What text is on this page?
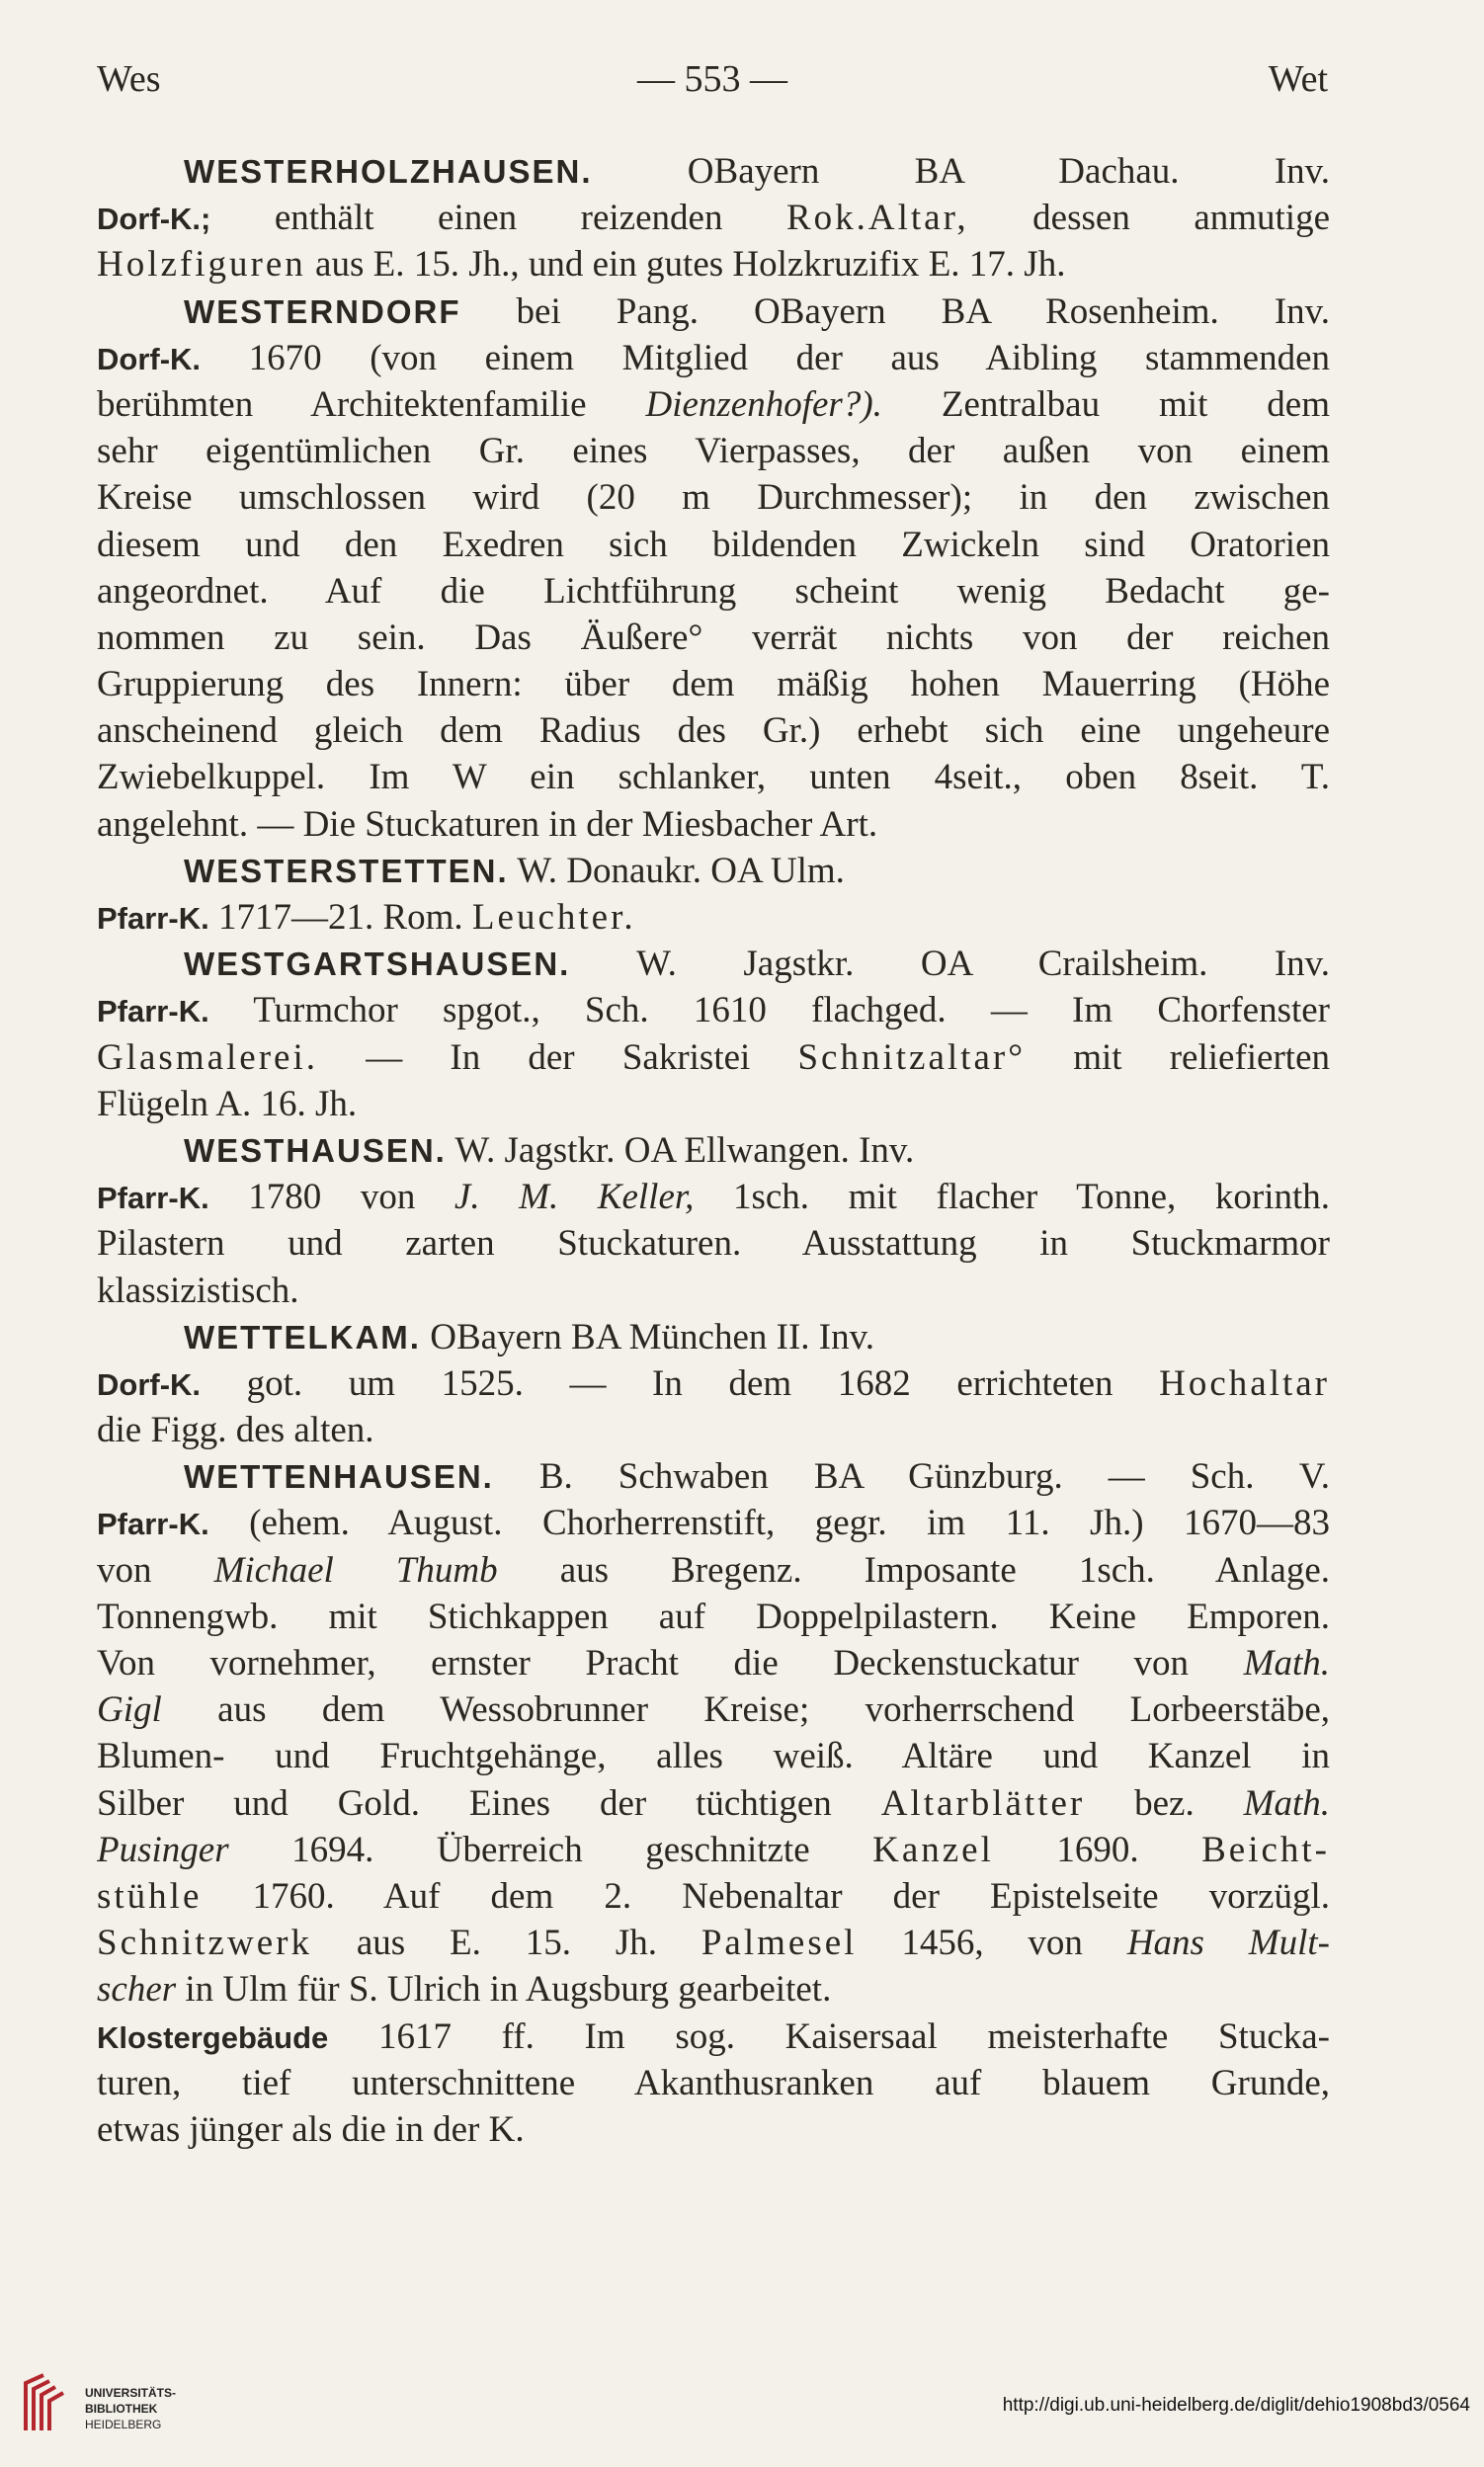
Wes	— 553 —	Wet
WESTERHOLZHAUSEN. OBayern BA Dachau. Inv.
Dorf-K.; enthält einen reizenden Rok.Altar, dessen anmutige
Holzfiguren aus E. 15. Jh., und ein gutes Holzkruzifix E. 17. Jh.
WESTERNDORF bei Pang. OBayern BA Rosenheim. Inv.
Dorf-K. 1670 (von einem Mitglied der aus Aibling stammenden
berühmten Architektenfamilie Dienzenhofer?). Zentralbau mit dem
sehr eigentümlichen Gr. eines Vierpasses, der außen von einem
Kreise umschlossen wird (20 m Durchmesser); in den zwischen
diesem und den Exedren sich bildenden Zwickeln sind Oratorien
angeordnet. Auf die Lichtführung scheint wenig Bedacht ge-
nommen zu sein. Das Äußere° verrät nichts von der reichen
Gruppierung des Innern: über dem mäßig hohen Mauerring (Höhe
anscheinend gleich dem Radius des Gr.) erhebt sich eine ungeheure
Zwiebelkuppel. Im W ein schlanker, unten 4seit., oben 8seit. T.
angelehnt. — Die Stuckaturen in der Miesbacher Art.
WESTERSTETTEN. W. Donaukr. OA Ulm.
Pfarr-K. 1717—21. Rom. Leuchter.
WESTGARTSHAUSEN. W. Jagstkr. OA Crailsheim. Inv.
Pfarr-K. Turmchor spgot., Sch. 1610 flachged. — Im Chorfenster
Glasmalerei. — In der Sakristei Schnitzaltar° mit reliefierten
Flügeln A. 16. Jh.
WESTHAUSEN. W. Jagstkr. OA Ellwangen. Inv.
Pfarr-K. 1780 von J. M. Keller, 1sch. mit flacher Tonne, korinth.
Pilastern und zarten Stuckaturen. Ausstattung in Stuckmarmor
klassizistisch.
WETTELKAM. OBayern BA München II. Inv.
Dorf-K. got. um 1525. — In dem 1682 errichteten Hochaltar
die Figg. des alten.
WETTENHAUSEN. B. Schwaben BA Günzburg. — Sch. V.
Pfarr-K. (ehem. August. Chorherrenstift, gegr. im 11. Jh.) 1670—83
von Michael Thumb aus Bregenz. Imposante 1sch. Anlage.
Tonnengwb. mit Stichkappen auf Doppelpilastern. Keine Emporen.
Von vornehmer, ernster Pracht die Deckenstuckatur von Math.
Gigl aus dem Wessobrunner Kreise; vorherrschend Lorbeerstäbe,
Blumen- und Fruchtgehänge, alles weiß. Altäre und Kanzel in
Silber und Gold. Eines der tüchtigen Altarblätter bez. Math.
Pusinger 1694. Überreich geschnitzte Kanzel 1690. Beicht-
stühle 1760. Auf dem 2. Nebenaltar der Epistelseite vorzügl.
Schnitzwerk aus E. 15. Jh. Palmesel 1456, von Hans Mult-
scher in Ulm für S. Ulrich in Augsburg gearbeitet.
Klostergebäude 1617 ff. Im sog. Kaisersaal meisterhafte Stucka-
turen, tief unterschnittene Akanthusranken auf blauem Grunde,
etwas jünger als die in der K.
UNIVERSITÄTS-
BIBLIOTHEK
HEIDELBERG
http://digi.ub.uni-heidelberg.de/diglit/dehio1908bd3/0564
